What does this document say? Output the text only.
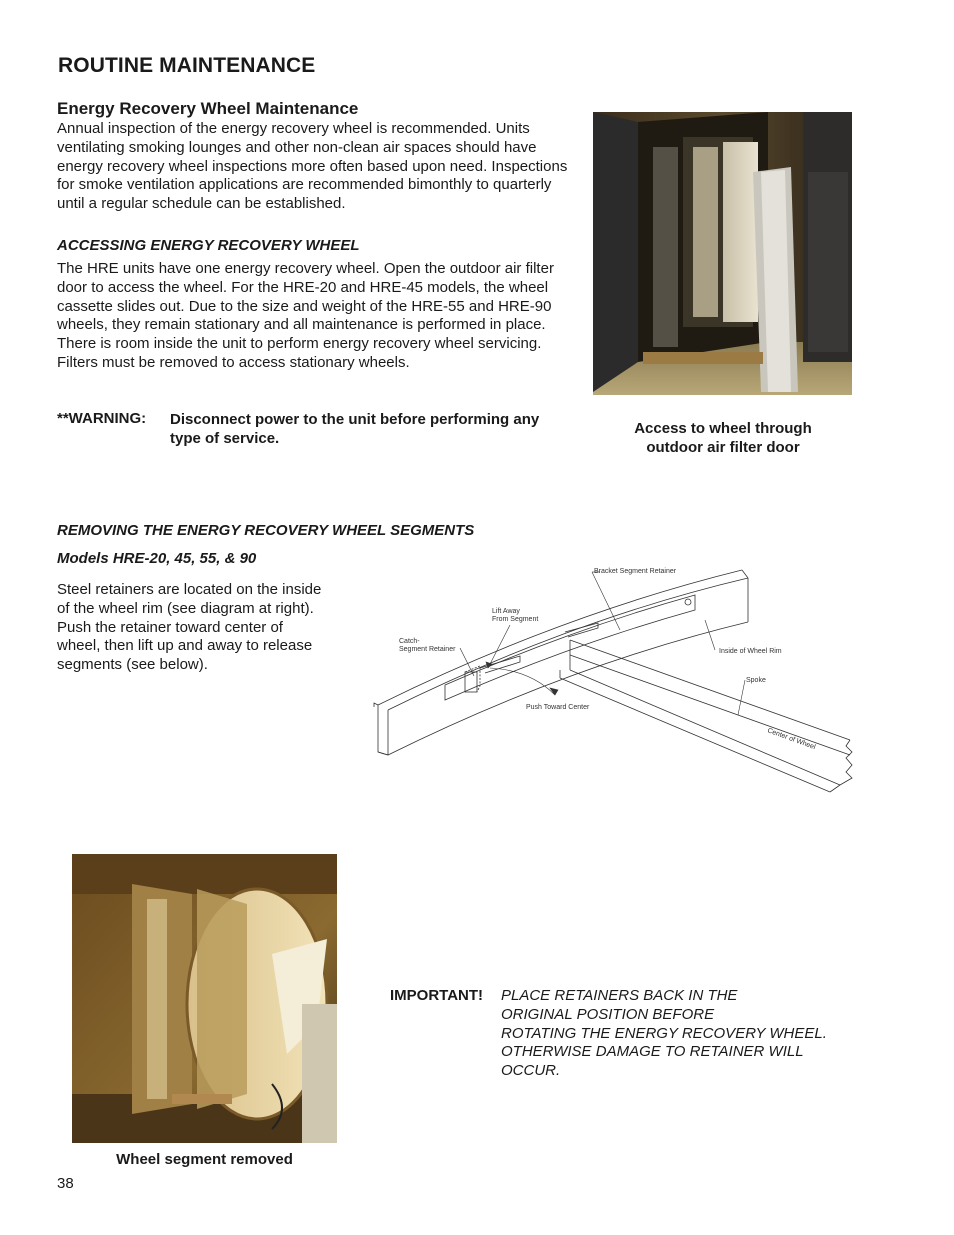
ROUTINE MAINTENANCE
Energy Recovery Wheel Maintenance

Annual inspection of the energy recovery wheel is recommended. Units ventilating smoking lounges and other non-clean air spaces should have energy recovery wheel inspections more often based upon need. Inspections for smoke ventilation applications are recommended bimonthly to quarterly until a regular schedule can be established.

ACCESSING ENERGY RECOVERY WHEEL

The HRE units have one energy recovery wheel. Open the outdoor air filter door to access the wheel. For the HRE-20 and HRE-45 models, the wheel cassette slides out. Due to the size and weight of the HRE-55 and HRE-90 wheels, they remain stationary and all maintenance is performed in place. There is room inside the unit to perform energy recovery wheel servicing. Filters must be removed to access stationary wheels.

**WARNING: Disconnect power to the unit before performing any type of service.
Access to wheel through
outdoor air filter door
REMOVING THE ENERGY RECOVERY WHEEL SEGMENTS
Models HRE-20, 45, 55, & 90

Steel retainers are located on the inside of the wheel rim (see diagram at right). Push the retainer toward center of wheel, then lift up and away to release segments (see below).

Bracket Segment Retainer
Lift Away
From Segment
Catch-
Segment Retainer	Inside of Wheel Rim
Spoke
Push Toward Center
Center of Wheel
Wheel segment removed
IMPORTANT! PLACE RETAINERS BACK IN THE
ORIGINAL POSITION BEFORE
ROTATING THE ENERGY RECOVERY WHEEL.
OTHERWISE DAMAGE TO RETAINER WILL
OCCUR.
38
